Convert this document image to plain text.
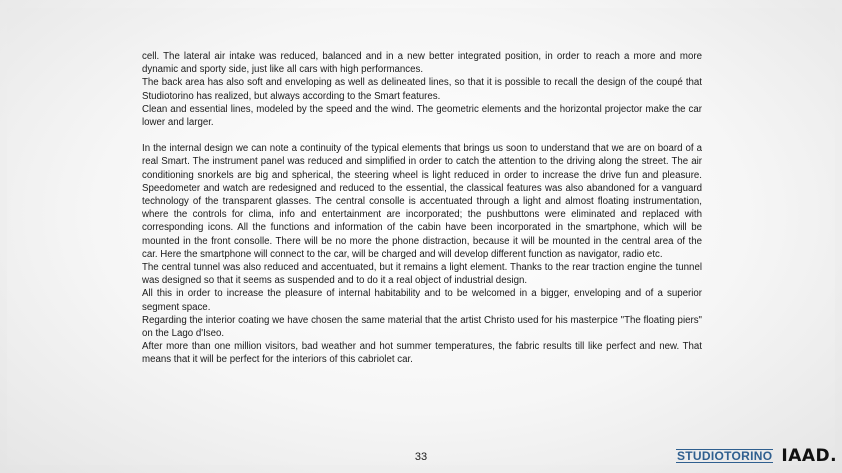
cell. The lateral air intake was reduced, balanced and in a new better integrated position, in order to reach a more and more dynamic and sporty side, just like all cars with high performances.

The back area has also soft and enveloping as well as delineated lines, so that it is possible to recall the design of the coupé that Studiotorino has realized, but always according to the Smart features.

Clean and essential lines, modeled by the speed and the wind. The geometric elements and the horizontal projector make the car lower and larger.

In the internal design we can note a continuity of the typical elements that brings us soon to understand that we are on board of a real Smart. The instrument panel was reduced and simplified in order to catch the attention to the driving along the street. The air conditioning snorkels are big and spherical, the steering wheel is light reduced in order to increase the drive fun and pleasure. Speedometer and watch are redesigned and reduced to the essential, the classical features was also abandoned for a vanguard technology of the transparent glasses. The central consolle is accentuated through a light and almost floating instrumentation, where the controls for clima, info and entertainment are incorporated; the pushbuttons were eliminated and replaced with corresponding icons. All the functions and information of the cabin have been incorporated in the smartphone, which will be mounted in the front consolle. There will be no more the phone distraction, because it will be mounted in the central area of the car. Here the smartphone will connect to the car, will be charged and will develop different function as navigator, radio etc.

The central tunnel was also reduced and accentuated, but it remains a light element. Thanks to the rear traction engine the tunnel was designed so that it seems as suspended and to do it a real object of industrial design.

All this in order to increase the pleasure of internal habitability and to be welcomed in a bigger, enveloping and of a superior segment space.

Regarding the interior coating we have chosen the same material that the artist Christo used for his masterpice "The floating piers" on the Lago d'Iseo.

After more than one million visitors, bad weather and hot summer temperatures, the fabric results till like perfect and new. That means that it will be perfect for the interiors of this cabriolet car.

33	STUDIOTORINO IAAD.
